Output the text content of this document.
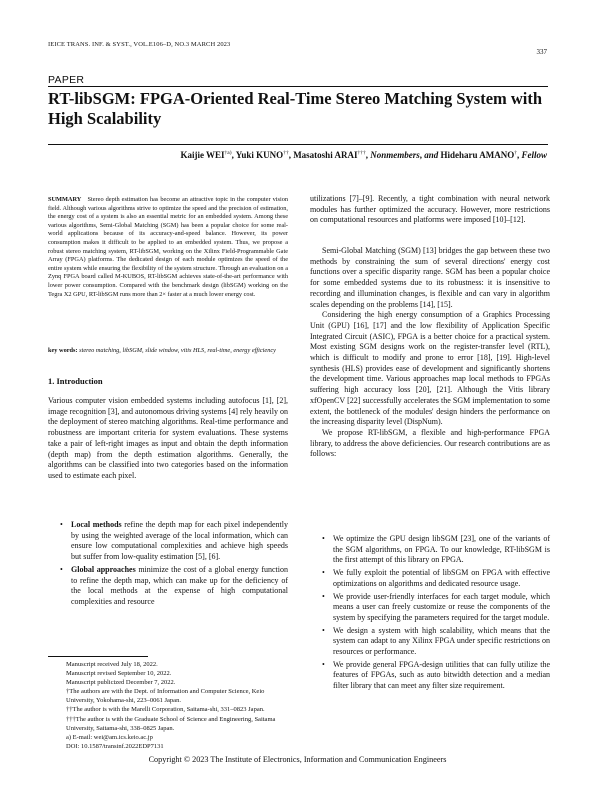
IEICE TRANS. INF. & SYST., VOL.E106–D, NO.3 MARCH 2023
337
PAPER
RT-libSGM: FPGA-Oriented Real-Time Stereo Matching System with High Scalability
Kaijie WEI$^{\dagger a)}$, Yuki KUNO††, Masatoshi ARAI†††, Nonmembers, and Hideharu AMANO†, Fellow
SUMMARY Stereo depth estimation has become an attractive topic in the computer vision field. Although various algorithms strive to optimize the speed and the precision of estimation, the energy cost of a system is also an essential metric for an embedded system. Among these various algorithms, Semi-Global Matching (SGM) has been a popular choice for some real-world applications because of its accuracy-and-speed balance. However, its power consumption makes it difficult to be applied to an embedded system. Thus, we propose a robust stereo matching system, RT-libSGM, working on the Xilinx Field-Programmable Gate Array (FPGA) platforms. The dedicated design of each module optimizes the speed of the entire system while ensuring the flexibility of the system structure. Through an evaluation on a Zynq FPGA board called M-KUBOS, RT-libSGM achieves state-of-the-art performance with lower power consumption. Compared with the benchmark design (libSGM) working on the Tegra X2 GPU, RT-libSGM runs more than 2× faster at a much lower energy cost.
key words: stereo matching, libSGM, slide window, vitis HLS, real-time, energy efficiency
1. Introduction
Various computer vision embedded systems including autofocus [1], [2], image recognition [3], and autonomous driving systems [4] rely heavily on the deployment of stereo matching algorithms. Real-time performance and robustness are important criteria for system evaluations. These systems take a pair of left-right images as input and obtain the depth information (depth map) from the depth estimation algorithms. Generally, the algorithms can be classified into two categories based on the information used to estimate each pixel.
• Local methods refine the depth map for each pixel independently by using the weighted average of the local information, which can ensure low computational complexities and achieve high speeds but suffer from low-quality estimation [5], [6].
• Global approaches minimize the cost of a global energy function to refine the depth map, which can make up for the deficiency of the local methods at the expense of high computational complexities and resource

Manuscript received July 18, 2022.

Manuscript revised September 10, 2022.

Manuscript publicized December 7, 2022.

†The authors are with the Dept. of Information and Computer Science, Keio University, Yokohama-shi, 223–0061 Japan.

††The author is with the Marelli Corporation, Saitama-shi, 331–0823 Japan.

†††The author is with the Graduate School of Science and Engineering, Saitama University, Saitama-shi, 338–0825 Japan.

a) E-mail: wei@am.ics.keio.ac.jp

DOI: 10.1587/transinf.2022EDP7131

utilizations [7]–[9]. Recently, a tight combination with neural network modules has further optimized the accuracy. However, more restrictions on computational resources and platforms were imposed [10]–[12].

Semi-Global Matching (SGM) [13] bridges the gap between these two methods by constraining the sum of several directions' energy cost functions over a specific disparity range. SGM has been a popular choice for some embedded systems due to its robustness: it is insensitive to recording and illumination changes, is flexible and can vary in algorithm scales depending on the problems [14], [15].

Considering the high energy consumption of a Graphics Processing Unit (GPU) [16], [17] and the low flexibility of Application Specific Integrated Circuit (ASIC), FPGA is a better choice for a practical system. Most existing SGM designs work on the register-transfer level (RTL), which is difficult to modify and prone to error [18], [19]. High-level synthesis (HLS) provides ease of development and significantly shortens the development time. Various approaches map local methods to FPGAs suffering high accuracy loss [20], [21]. Although the Vitis library xfOpenCV [22] successfully accelerates the SGM implementation to some extent, the bottleneck of the modules' design hinders the performance on the increasing disparity level (DispNum).

We propose RT-libSGM, a flexible and high-performance FPGA library, to address the above deficiencies. Our research contributions are as follows:

• We optimize the GPU design libSGM [23], one of the variants of the SGM algorithms, on FPGA. To our knowledge, RT-libSGM is the first attempt of this library on FPGA.
• We fully exploit the potential of libSGM on FPGA with effective optimizations on algorithms and dedicated resource usage.
• We provide user-friendly interfaces for each target module, which means a user can freely customize or reuse the components of the system by specifying the parameters required for the target module.
• We design a system with high scalability, which means that the system can adapt to any Xilinx FPGA under specific restrictions on resources or performance.
• We provide general FPGA-design utilities that can fully utilize the features of FPGAs, such as auto bitwidth detection and a median filter library that can meet any filter size requirement.
Copyright © 2023 The Institute of Electronics, Information and Communication Engineers
